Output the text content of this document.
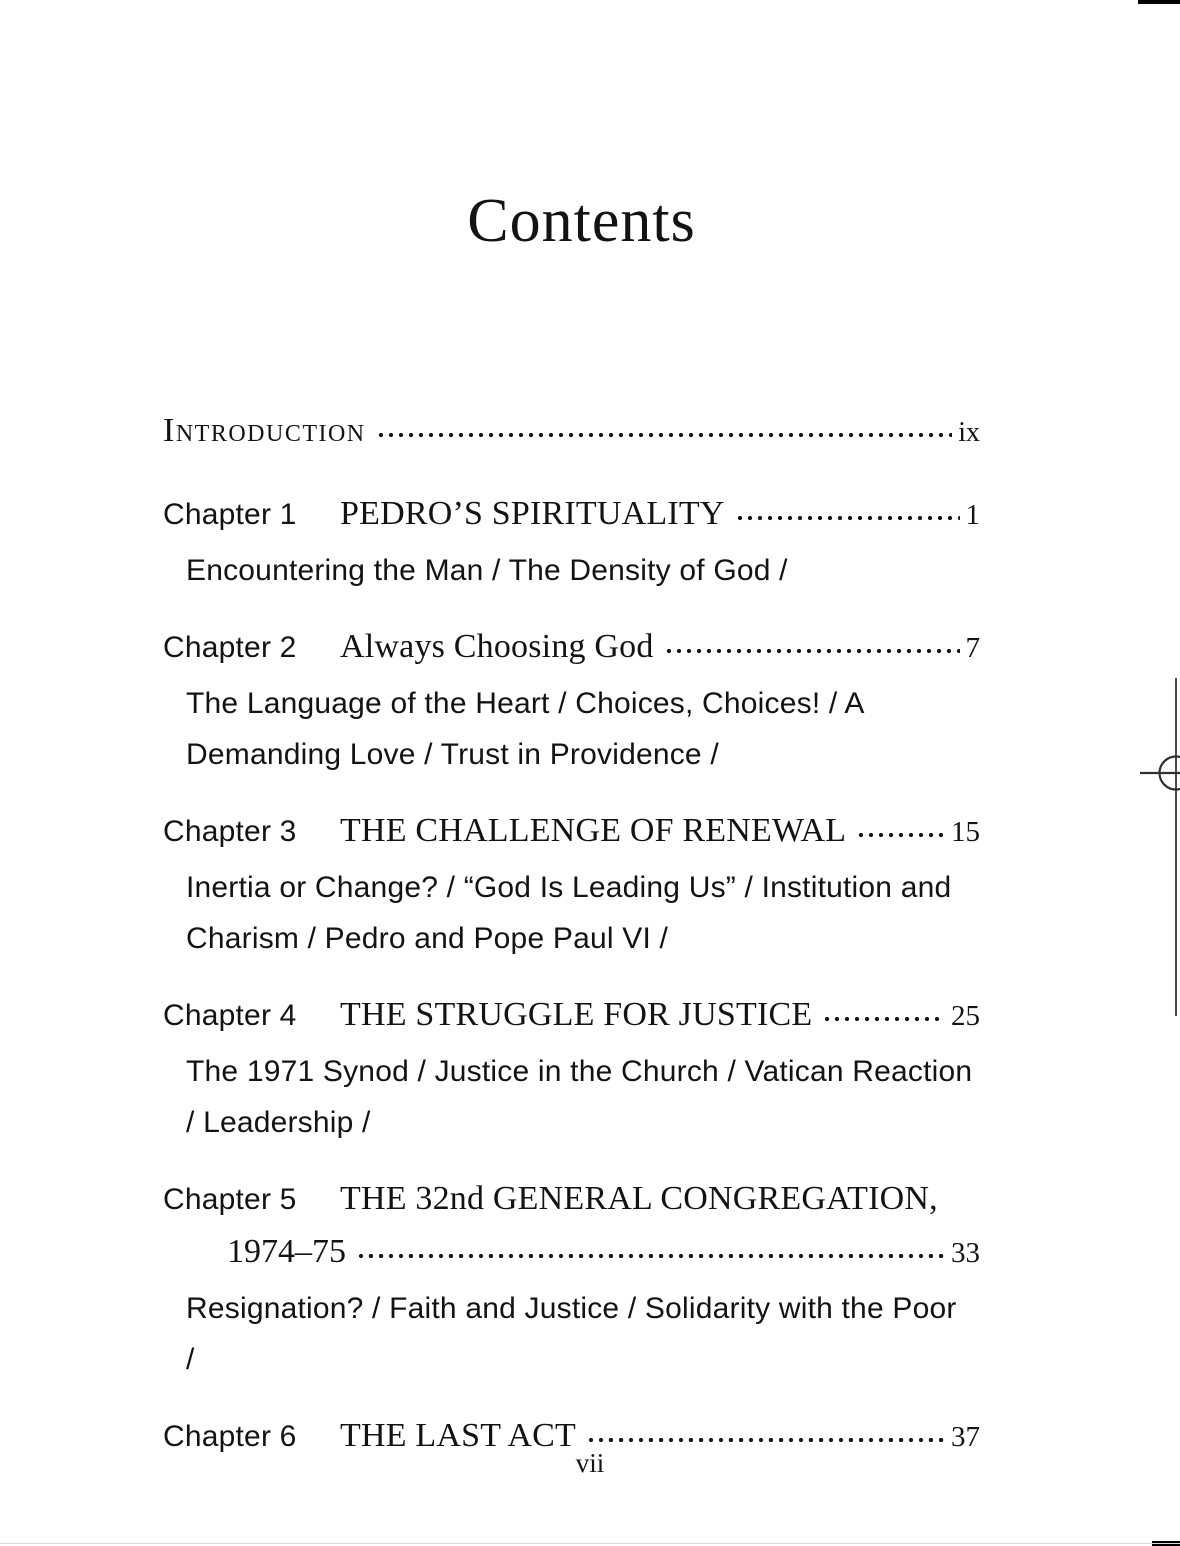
Contents
Introduction	ix
Chapter 1	PEDRO’S SPIRITUALITY	1
Encountering the Man / The Density of God /
Chapter 2	Always Choosing God	7
The Language of the Heart / Choices, Choices! / A
Demanding Love / Trust in Providence /
Chapter 3	THE CHALLENGE OF RENEWAL	15
Inertia or Change? / “God Is Leading Us” / Institution and
Charism / Pedro and Pope Paul VI /
Chapter 4	THE STRUGGLE FOR JUSTICE	25
The 1971 Synod / Justice in the Church / Vatican Reaction
/ Leadership /
Chapter 5	THE 32nd GENERAL CONGREGATION,
1974–75	33
Resignation? / Faith and Justice / Solidarity with the Poor
/
Chapter 6	THE LAST ACT	37
vii
